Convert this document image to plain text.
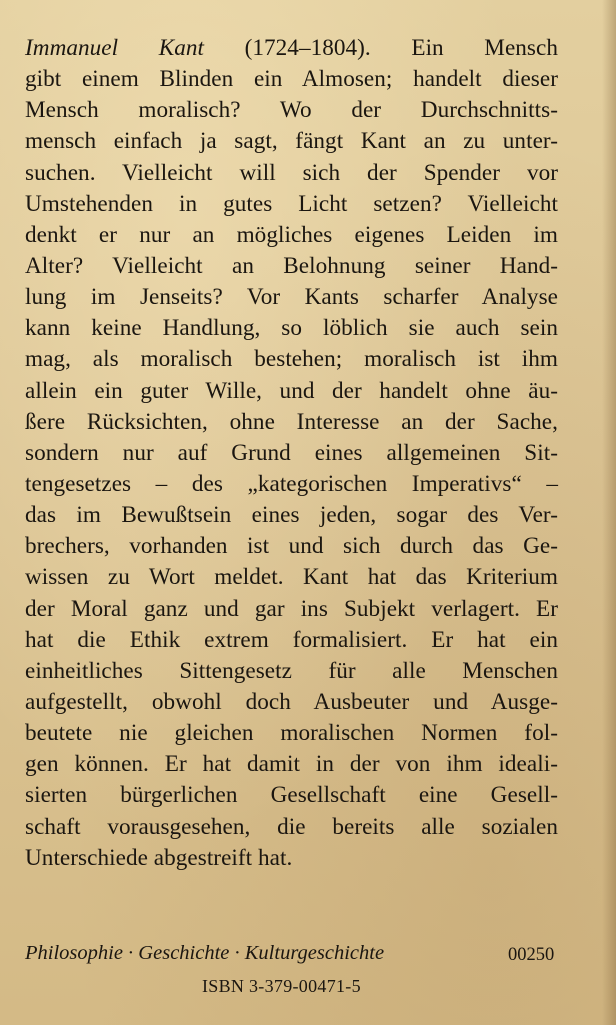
Immanuel Kant (1724–1804). Ein Mensch
gibt einem Blinden ein Almosen; handelt dieser
Mensch moralisch? Wo der Durchschnitts-
mensch einfach ja sagt, fängt Kant an zu unter-
suchen. Vielleicht will sich der Spender vor
Umstehenden in gutes Licht setzen? Vielleicht
denkt er nur an mögliches eigenes Leiden im
Alter? Vielleicht an Belohnung seiner Hand-
lung im Jenseits? Vor Kants scharfer Analyse
kann keine Handlung, so löblich sie auch sein
mag, als moralisch bestehen; moralisch ist ihm
allein ein guter Wille, und der handelt ohne äu-
ßere Rücksichten, ohne Interesse an der Sache,
sondern nur auf Grund eines allgemeinen Sit-
tengesetzes – des „kategorischen Imperativs“ –
das im Bewußtsein eines jeden, sogar des Ver-
brechers, vorhanden ist und sich durch das Ge-
wissen zu Wort meldet. Kant hat das Kriterium
der Moral ganz und gar ins Subjekt verlagert. Er
hat die Ethik extrem formalisiert. Er hat ein
einheitliches Sittengesetz für alle Menschen
aufgestellt, obwohl doch Ausbeuter und Ausge-
beutete nie gleichen moralischen Normen fol-
gen können. Er hat damit in der von ihm ideali-
sierten bürgerlichen Gesellschaft eine Gesell-
schaft vorausgesehen, die bereits alle sozialen
Unterschiede abgestreift hat.
Philosophie · Geschichte · Kulturgeschichte	00250
ISBN 3-379-00471-5
